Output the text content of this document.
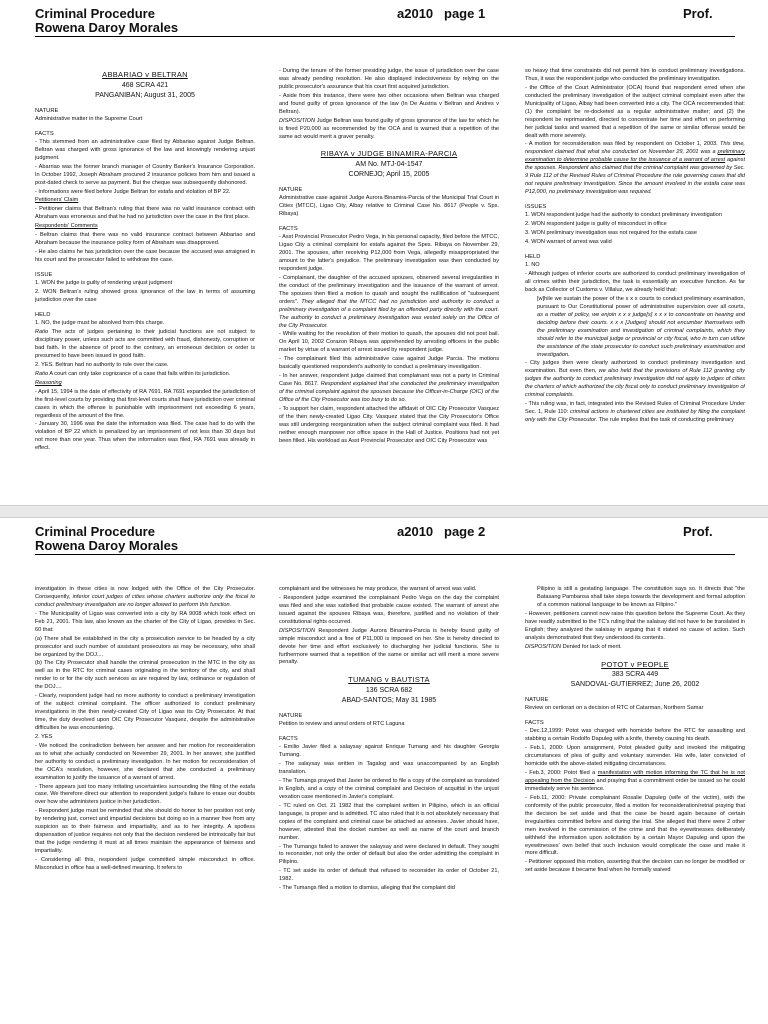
Criminal Procedure
Rowena Daroy Morales
a2010 page 1	Prof.
ABBARIAO v BELTRAN
468 SCRA 421
PANGANIBAN; August 31, 2005
NATURE

Administrative matter in the Supreme Court

FACTS

- This stemmed from an administrative case filed by Abbariao against Judge Beltran. Beltran was charged with gross ignorance of the law and knowingly rendering unjust judgment.

- Abarriao was the former branch manager of Country Banker's Insurance Corporation. In October 1992, Joseph Abraham procured 2 insurance policies from him and issued a post-dated check to serve as payment. But the cheque was subsequently dishonored.

- Informations were filed before Judge Beltran for estafa and violation of BP 22.

Petitioners' Claim

- Petitioner claims that Beltran's ruling that there was no valid insurance contract with Abraham was erroneous and that he had no jurisdiction over the case in the first place.

Respondents' Comments

- Beltran claims that there was no valid insurance contract between Abbariao and Abraham because the insurance policy form of Abraham was disapproved.

- He also claims he has jurisdiction over the case because the accused was arraigned in his court and the prosecutor failed to withdraw the case.

ISSUE

1. WON the judge is guilty of rendering unjust judgment

2. WON Beltran's ruling showed gross ignorance of the law in terms of assuming jurisdiction over the case

HELD

1. NO, the judge must be absolved from this charge.

Ratio The acts of judges pertaining to their judicial functions are not subject to disciplinary power, unless such acts are committed with fraud, dishonesty, corruption or bad faith. In the absence of proof to the contrary, an erroneous decision or order is presumed to have been issued in good faith.

2. YES. Beltran had no authority to rule over the case.

Ratio A court can only take cognizance of a case that falls within its jurisdiction.

Reasoning

- April 15, 1994 is the date of effectivity of RA 7691. RA 7691 expanded the jurisdiction of the first-level courts by providing that first-level courts shall have jurisdiction over criminal cases in which the offense is punishable with imprisonment not exceeding 6 years, regardless of the amount of the fine.

- January 30, 1996 was the date the information was filed. The case had to do with the violation of BP 22 which is penalized by an imprisonment of not less than 30 days but not more than one year. Thus when the information was filed, RA 7691 was already in effect.

- During the tenure of the former presiding judge, the issue of jurisdiction over the case was already pending resolution. He also displayed indecisiveness by relying on the public prosecutor's assurance that his court first acquired jurisdiction.

- Aside from this instance, there were two other occasions when Beltran was charged and found guilty of gross ignorance of the law (In De Austria v Beltran and Andres v Beltran).

DISPOSITION Judge Beltran was found guilty of gross ignorance of the law for which he is fined P20,000 as recommended by the OCA and is warned that a repetition of the same act would merit a graver penalty.

RIBAYA v JUDGE BINAMIRA-PARCIA
AM No. MTJ-04-1547
CORNEJO; April 15, 2005
NATURE

Administrative case against Judge Aurora Binamira-Parcia of the Municipal Trial Court in Cities (MTCC), Ligao City, Albay relative to Criminal Case No. 8617 (People v. Sps. Ribaya)

FACTS

- Asst Provincial Prosecutor Pedro Vega, in his personal capacity, filed before the MTCC, Ligao City a criminal complaint for estafa against the Spes. Ribaya on November 29, 2001. The spouses, after receiving P12,000 from Vega, allegedly misappropriated the amount to the latter's prejudice. The preliminary investigation was then conducted by respondent judge.

- Complainant, the daughter of the accused spouses, observed several irregularities in the conduct of the preliminary investigation and the issuance of the warrant of arrest. The spouses then filed a motion to quash and sought the nullification of "subsequent orders". They alleged that the MTCC had no jurisdiction and authority to conduct a preliminary investigation of a complaint filed by an offended party directly with the court. The authority to conduct a preliminary investigation was vested solely on the Office of the City Prosecutor.

- While waiting for the resolution of their motion to quash, the spouses did not post bail. On April 10, 2002 Corazon Ribaya was apprehended by arresting officers in the public market by virtue of a warrant of arrest issued by respondent judge.

- The complainant filed this administrative case against Judge Parcia. The motions basically questioned respondent's authority to conduct a preliminary investigation.

- In her answer, respondent judge claimed that complainant was not a party in Criminal Case No. 8617. Respondent explained that she conducted the preliminary investigation of the criminal complaint against the spouses because the Officer-in-Charge (OIC) of the Office of the City Prosecutor was too busy to do so.

- To support her claim, respondent attached the affidavit of OIC City Prosecutor Vasquez of the then newly-created Ligao City. Vasquez stated that the City Prosecutor's Office was still undergoing reorganization when the subject criminal complaint was filed. It had neither enough manpower nor office space in the Hall of Justice. Positions had not yet been filled. His workload as Asst Provincial Prosecutor and OIC City Prosecutor was

so heavy that time constraints did not permit him to conduct preliminary investigations. Thus, it was the respondent judge who conducted the preliminary investigation.

- the Office of the Court Administrator (OCA) found that respondent erred when she conducted the preliminary investigation of the subject criminal complaint even after the Municipality of Ligao, Albay had been converted into a city. The OCA recommended that: (1) the complaint be re-docketed as a regular administrative matter; and (2) the respondent be reprimanded, directed to concentrate her time and effort on performing her judicial tasks and warned that a repetition of the same or similar offense would be dealt with more severely.

- A motion for reconsideration was filed by respondent on October 1, 2003. This time, respondent claimed that what she conducted on November 29, 2001 was a preliminary examination to determine probable cause for the issuance of a warrant of arrest against the spouses. Respondent also claimed that the criminal complaint was governed by Sec. 9 Rule 112 of the Revised Rules of Criminal Procedure the rule governing cases that did not require preliminary investigation. Since the amount involved in the estafa case was P12,000, no preliminary investigation was required.

ISSUES

1. WON respondent judge had the authority to conduct preliminary investigation

2. WON respondent judge is guilty of misconduct in office

3. WON preliminary investigation was not required for the estafa case

4. WON warrant of arrest was valid

HELD

1. NO

- Although judges of inferior courts are authorized to conduct preliminary investigation of all crimes within their jurisdiction, the task is essentially an executive function. As far back as Collector of Customs v. Villaluz, we already held that:

[w]hile we sustain the power of the x x x courts to conduct preliminary examination, pursuant to Our Constitutional power of administrative supervision over all courts, as a matter of policy, we enjoin x x x judge[s] x x x to concentrate on hearing and deciding before their courts. x x x [Judges] should not encumber themselves with the preliminary examination and investigation of criminal complaints, which they should refer to the municipal judge or provincial or city fiscal, who in turn can utilize the assistance of the state prosecutor to conduct such preliminary examination and investigation.

- City judges then were clearly authorized to conduct preliminary investigation and examination. But even then, we also held that the provisions of Rule 112 granting city judges the authority to conduct preliminary investigation did not apply to judges of cities the charters of which authorized the city fiscal only to conduct preliminary investigation of criminal complaints.

- This ruling was, in fact, integrated into the Revised Rules of Criminal Procedure Under Sec. 1, Rule 110: criminal actions in chartered cities are instituted by filing the complaint only with the City Prosecutor. The rule implies that the task of conducting preliminary

Criminal Procedure
Rowena Daroy Morales
a2010 page 2	Prof.

investigation in these cities is now lodged with the Office of the City Prosecutor. Consequently, inferior court judges of cities whose charters authorize only the fiscal to conduct preliminary investigation are no longer allowed to perform this function.

- The Municipality of Ligao was converted into a city by RA 9008 which took effect on Feb 21, 2001. This law, also known as the charter of the City of Ligao, provides in Sec. 60 that:

(a) There shall be established in the city a prosecution service to be headed by a city prosecutor and such number of assistant prosecutors as may be necessary, who shall be organized by the DOJ....

(b) The City Prosecutor shall handle the criminal prosecution in the MTC in the city as well as in the RTC for criminal cases originating in the territory of the city, and shall render to or for the city such services as are required by law, ordinance or regulation of the DOJ....

- Clearly, respondent judge had no more authority to conduct a preliminary investigation of the subject criminal complaint. The officer authorized to conduct preliminary investigations in the then newly-created City of Ligao was its City Prosecutor. At that time, the duty devolved upon OIC City Prosecutor Vasquez, despite the administrative difficulties he was encountering.

2. YES

- We noticed the contradiction between her answer and her motion for reconsideration as to what she actually conducted on November 29, 2001. In her answer, she justified her authority to conduct a preliminary investigation. In her motion for reconsideration of the OCA's resolution, however, she declared that she conducted a preliminary examination to justify the issuance of a warrant of arrest.

- There appears just too many irritating uncertainties surrounding the filing of the estafa case. We therefore direct our attention to respondent judge's failure to erase our doubts over how she administers justice in her jurisdiction.

- Respondent judge must be reminded that she should do honor to her position not only by rendering just, correct and impartial decisions but doing so in a manner free from any suspicion as to their fairness and impartiality, and as to her integrity. A spotless dispensation of justice requires not only that the decision rendered be intrinsically fair but that the judge rendering it must at all times maintain the appearance of fairness and impartiality.

- Considering all this, respondent judge committed simple misconduct in office. Misconduct in office has a well-defined meaning. It refers to

complainant and the witnesses he may produce, the warrant of arrest was valid.

- Respondent judge examined the complainant Pedro Vega on the day the complaint was filed and she was satisfied that probable cause existed. The warrant of arrest she issued against the spouses Ribaya was, therefore, justified and no violation of their constitutional rights occurred.

DISPOSITION Respondent Judge Aurora Binamira-Parcia is hereby found guilty of simple misconduct and a fine of P11,000 is imposed on her. She is hereby directed to devote her time and effort exclusively to discharging her judicial functions. She is furthermore warned that a repetition of the same or similar act will merit a more severe penalty.

TUMANG v BAUTISTA
136 SCRA 682
ABAD-SANTOS; May 31 1985
NATURE

Petition to review and annul orders of RTC Laguna

FACTS

- Emilio Javier filed a salaysay against Enrique Tumang and his daughter Georgia Tumang.

- The salaysay was written in Tagalog and was unaccompanied by an English translation.

- The Tumangs prayed that Javier be ordered to file a copy of the complaint as translated in English, and a copy of the criminal complaint and Decision of acquittal in the unjust vexation case mentioned in Javier's complaint.

- TC ruled on Oct. 21 1982 that the complaint written in Pilipino, which is an official language, is proper and is admitted. TC also ruled that it is not absolutely necessary that copies of the complaint and criminal case be attached as annexes. Javier should have, however, attested that the docket number as well as name of the court and branch number.

- The Tumangs failed to answer the salaysay and were declared in default. They sought to reconsider, not only the order of default but also the order admitting the complaint in Pilipino.

- TC set aside its order of default that refused to reconsider its order of October 21, 1982.

- The Tumangs filed a motion to dismiss, alleging that the complaint did

Pilipino is still a gestating language. The constitution says so. It directs that "the Batasang Pambansa shall take steps towards the development and formal adoption of a common national language to be known as Filipino."

- However, petitioners cannot now raise this question before the Supreme Court. As they have readily submitted to the TC's ruling that the salaisay did not have to be translated in English; they analyzed the salaisay in arguing that it stated no cause of action. Such analysis demonstrated that they understood its contents.

DISPOSITION Denied for lack of merit.

POTOT v PEOPLE
383 SCRA 449
SANDOVAL-GUTIERREZ; June 26, 2002
NATURE

Review on certiorari on a decision of RTC of Catarman, Northern Samar

FACTS

- Dec.12,1999: Potot was charged with homicide before the RTC for assaulting and stabbing a certain Rodolfo Dapuleg with a knife, thereby causing his death.

- Feb.1, 2000: Upon arraignment, Potot pleaded guilty and invoked the mitigating circumstances of plea of guilty and voluntary surrender. His wife, later convicted of homicide with the above-stated mitigating circumstances.

- Feb.3, 2000: Potot filed a manifestation with motion informing the TC that he is not appealing from the Decision and praying that a commitment order be issued so he could immediately serve his sentence.

- Feb.11, 2000: Private complainant Rosalie Dapuleg (wife of the victim), with the conformity of the public prosecutor, filed a motion for reconsideration/retrial praying that the decision be set aside and that the case be heard again because of certain irregularities committed before and during the trial. She alleged that there were 2 other men involved in the commission of the crime and that the eyewitnesses deliberately withheld the information upon solicitation by a certain Mayor Dapuleg and upon the eyewitnesses' own belief that such inclusion would complicate the case and make it more difficult.

- Petitioner opposed this motion, asserting that the decision can no longer be modified or set aside because it became final when he formally waived
